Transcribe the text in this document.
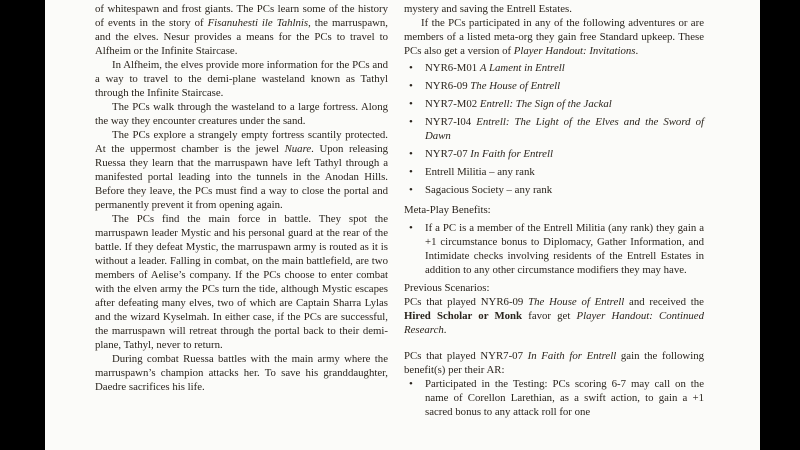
of whitespawn and frost giants. The PCs learn some of the history of events in the story of Fisanuhesti ile Tahlnis, the marruspawn, and the elves. Nesur provides a means for the PCs to travel to Alfheim or the Infinite Staircase.
In Alfheim, the elves provide more information for the PCs and a way to travel to the demi-plane wasteland known as Tathyl through the Infinite Staircase.
The PCs walk through the wasteland to a large fortress. Along the way they encounter creatures under the sand.
The PCs explore a strangely empty fortress scantily protected. At the uppermost chamber is the jewel Nuare. Upon releasing Ruessa they learn that the marruspawn have left Tathyl through a manifested portal leading into the tunnels in the Anodan Hills. Before they leave, the PCs must find a way to close the portal and permanently prevent it from opening again.
The PCs find the main force in battle. They spot the marruspawn leader Mystic and his personal guard at the rear of the battle. If they defeat Mystic, the marruspawn army is routed as it is without a leader. Falling in combat, on the main battlefield, are two members of Aelise’s company. If the PCs choose to enter combat with the elven army the PCs turn the tide, although Mystic escapes after defeating many elves, two of which are Captain Sharra Lylas and the wizard Kyselmah. In either case, if the PCs are successful, the marruspawn will retreat through the portal back to their demi-plane, Tathyl, never to return.
During combat Ruessa battles with the main army where the marruspawn’s champion attacks her. To save his granddaughter, Daedre sacrifices his life.
mystery and saving the Entrell Estates.
If the PCs participated in any of the following adventures or are members of a listed meta-org they gain free Standard upkeep. These PCs also get a version of Player Handout: Invitations.
•	NYR6-M01 A Lament in Entrell
•	NYR6-09 The House of Entrell
•	NYR7-M02 Entrell: The Sign of the Jackal
•	NYR7-I04 Entrell: The Light of the Elves and the Sword of Dawn
•	NYR7-07 In Faith for Entrell
•	Entrell Militia – any rank
•	Sagacious Society – any rank
Meta-Play Benefits:
•	If a PC is a member of the Entrell Militia (any rank) they gain a +1 circumstance bonus to Diplomacy, Gather Information, and Intimidate checks involving residents of the Entrell Estates in addition to any other circumstance modifiers they may have.
Previous Scenarios:
PCs that played NYR6-09 The House of Entrell and received the Hired Scholar or Monk favor get Player Handout: Continued Research.
PCs that played NYR7-07 In Faith for Entrell gain the following benefit(s) per their AR:
•	Participated in the Testing: PCs scoring 6-7 may call on the name of Corellon Larethian, as a swift action, to gain a +1 sacred bonus to any attack roll for one
